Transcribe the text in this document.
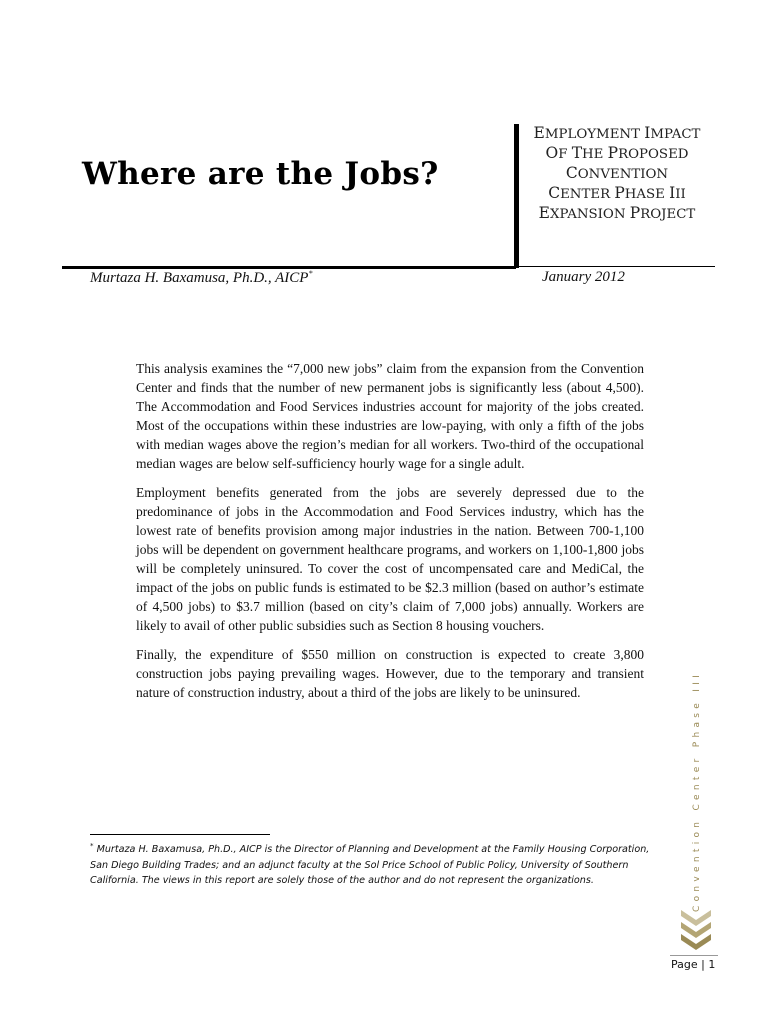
Where are the Jobs?
EMPLOYMENT IMPACT
OF THE PROPOSED
CONVENTION
CENTER PHASE III
EXPANSION PROJECT
Murtaza H. Baxamusa, Ph.D., AICP*	January 2012

This analysis examines the “7,000 new jobs” claim from the expansion from the Convention Center and finds that the number of new permanent jobs is significantly less (about 4,500). The Accommodation and Food Services industries account for majority of the jobs created. Most of the occupations within these industries are low-paying, with only a fifth of the jobs with median wages above the region’s median for all workers. Two-third of the occupational median wages are below self-sufficiency hourly wage for a single adult.

Employment benefits generated from the jobs are severely depressed due to the predominance of jobs in the Accommodation and Food Services industry, which has the lowest rate of benefits provision among major industries in the nation. Between 700-1,100 jobs will be dependent on government healthcare programs, and workers on 1,100-1,800 jobs will be completely uninsured. To cover the cost of uncompensated care and MediCal, the impact of the jobs on public funds is estimated to be $2.3 million (based on author’s estimate of 4,500 jobs) to $3.7 million (based on city’s claim of 7,000 jobs) annually. Workers are likely to avail of other public subsidies such as Section 8 housing vouchers.

Finally, the expenditure of $550 million on construction is expected to create 3,800 construction jobs paying prevailing wages. However, due to the temporary and transient nature of construction industry, about a third of the jobs are likely to be uninsured.

* Murtaza H. Baxamusa, Ph.D., AICP is the Director of Planning and Development at the Family Housing Corporation, San Diego Building Trades; and an adjunct faculty at the Sol Price School of Public Policy, University of Southern California. The views in this report are solely those of the author and do not represent the organizations.	Convention Center Phase III
Page | 1
